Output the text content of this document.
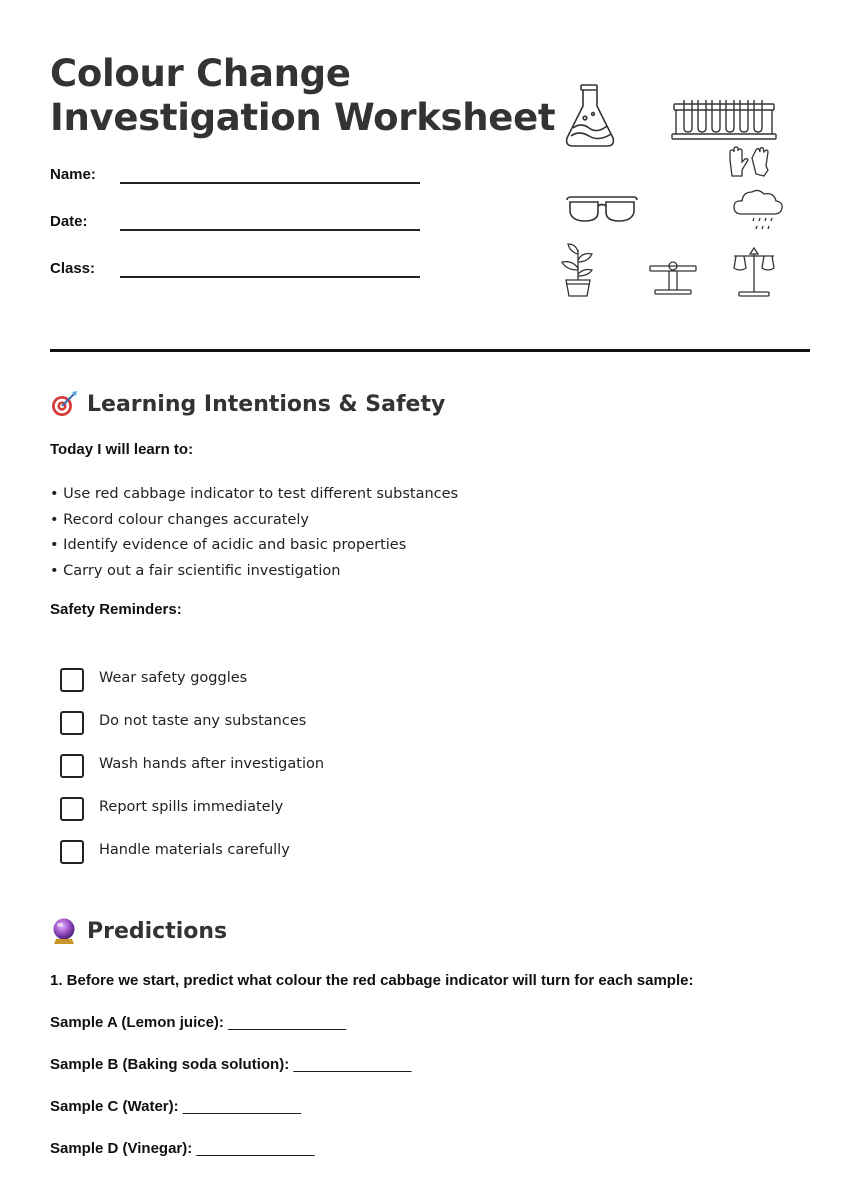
Colour Change
Investigation Worksheet
Name:
Date:
Class:
Learning Intentions & Safety
Today I will learn to:
• Use red cabbage indicator to test different substances
• Record colour changes accurately
• Identify evidence of acidic and basic properties
• Carry out a fair scientific investigation
Safety Reminders:
Wear safety goggles
Do not taste any substances
Wash hands after investigation
Report spills immediately
Handle materials carefully
Predictions
1. Before we start, predict what colour the red cabbage indicator will turn for each sample:
Sample A (Lemon juice): _______________
Sample B (Baking soda solution): _______________
Sample C (Water): _______________
Sample D (Vinegar): _______________
